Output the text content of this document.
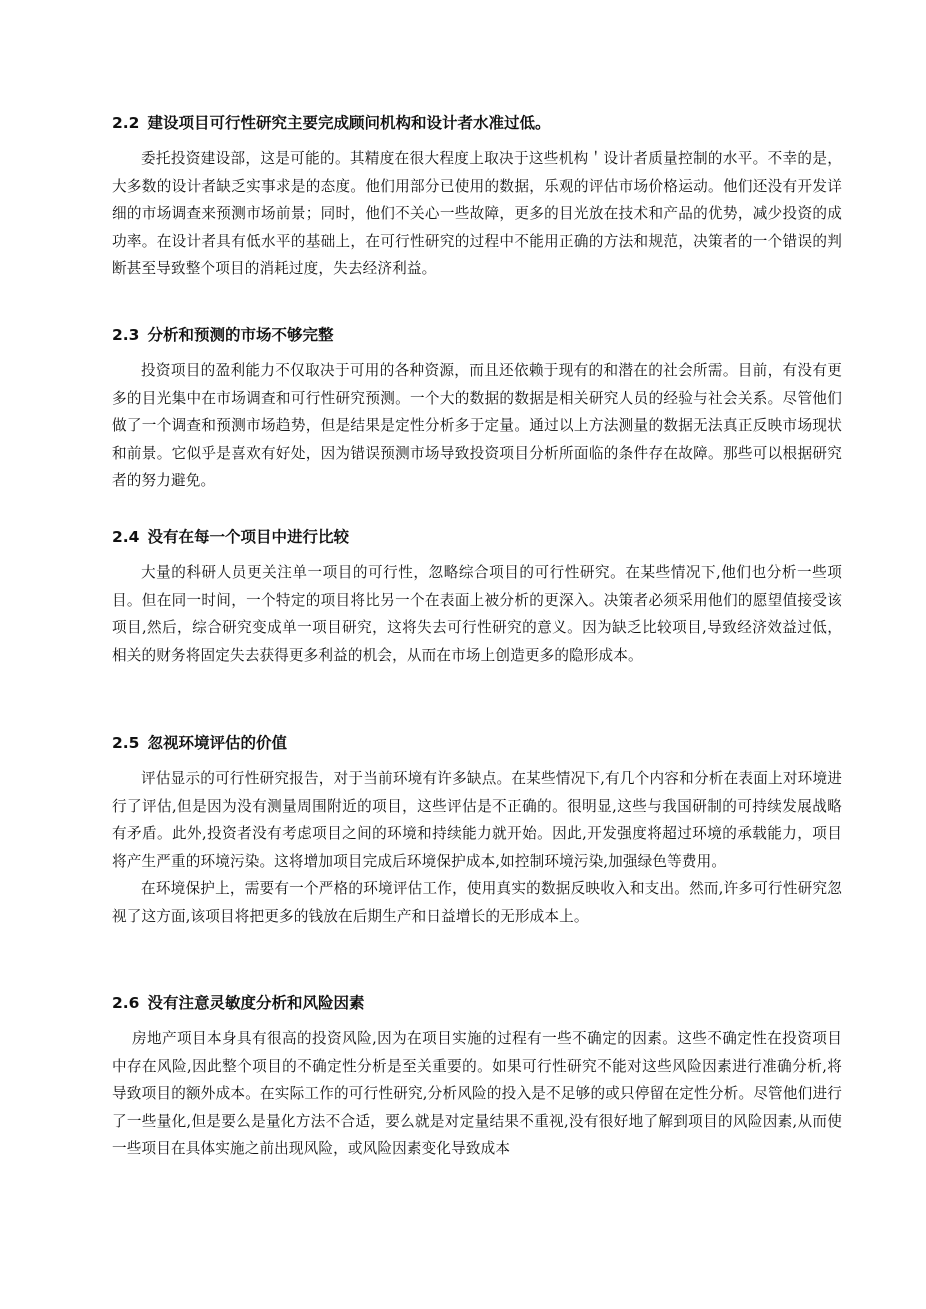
2.2 建设项目可行性研究主要完成顾问机构和设计者水准过低。

委托投资建设部，这是可能的。其精度在很大程度上取决于这些机构＇设计者质量控制的水平。不幸的是，大多数的设计者缺乏实事求是的态度。他们用部分已使用的数据，乐观的评估市场价格运动。他们还没有开发详细的市场调查来预测市场前景；同时，他们不关心一些故障，更多的目光放在技术和产品的优势，减少投资的成功率。在设计者具有低水平的基础上，在可行性研究的过程中不能用正确的方法和规范，决策者的一个错误的判断甚至导致整个项目的消耗过度，失去经济利益。

2.3 分析和预测的市场不够完整

投资项目的盈利能力不仅取决于可用的各种资源，而且还依赖于现有的和潜在的社会所需。目前，有没有更多的目光集中在市场调查和可行性研究预测。一个大的数据的数据是相关研究人员的经验与社会关系。尽管他们做了一个调查和预测市场趋势，但是结果是定性分析多于定量。通过以上方法测量的数据无法真正反映市场现状和前景。它似乎是喜欢有好处，因为错误预测市场导致投资项目分析所面临的条件存在故障。那些可以根据研究者的努力避免。

2.4 没有在每一个项目中进行比较

大量的科研人员更关注单一项目的可行性，忽略综合项目的可行性研究。在某些情况下,他们也分析一些项目。但在同一时间，一个特定的项目将比另一个在表面上被分析的更深入。决策者必须采用他们的愿望值接受该项目,然后，综合研究变成单一项目研究，这将失去可行性研究的意义。因为缺乏比较项目,导致经济效益过低，相关的财务将固定失去获得更多利益的机会，从而在市场上创造更多的隐形成本。

2.5 忽视环境评估的价值

评估显示的可行性研究报告，对于当前环境有许多缺点。在某些情况下,有几个内容和分析在表面上对环境进行了评估,但是因为没有测量周围附近的项目，这些评估是不正确的。很明显,这些与我国研制的可持续发展战略有矛盾。此外,投资者没有考虑项目之间的环境和持续能力就开始。因此,开发强度将超过环境的承载能力，项目将产生严重的环境污染。这将增加项目完成后环境保护成本,如控制环境污染,加强绿色等费用。

在环境保护上，需要有一个严格的环境评估工作，使用真实的数据反映收入和支出。然而,许多可行性研究忽视了这方面,该项目将把更多的钱放在后期生产和日益增长的无形成本上。

2.6 没有注意灵敏度分析和风险因素

房地产项目本身具有很高的投资风险,因为在项目实施的过程有一些不确定的因素。这些不确定性在投资项目中存在风险,因此整个项目的不确定性分析是至关重要的。如果可行性研究不能对这些风险因素进行准确分析,将导致项目的额外成本。在实际工作的可行性研究,分析风险的投入是不足够的或只停留在定性分析。尽管他们进行了一些量化,但是要么是量化方法不合适，要么就是对定量结果不重视,没有很好地了解到项目的风险因素,从而使一些项目在具体实施之前出现风险，或风险因素变化导致成本
